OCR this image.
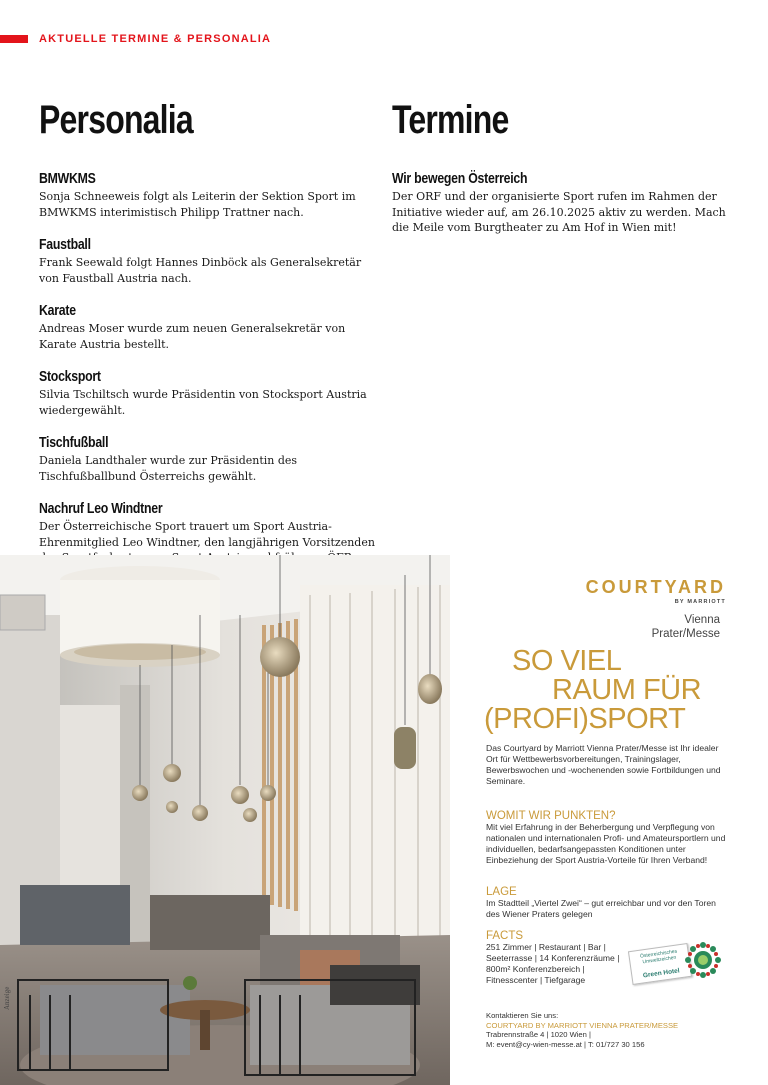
AKTUELLE TERMINE & PERSONALIA
Personalia	Termine
BMWKMS

Sonja Schneeweis folgt als Leiterin der Sektion Sport im BMWKMS interimistisch Philipp Trattner nach.

Faustball

Frank Seewald folgt Hannes Dinböck als Generalsekretär von Faustball Austria nach.

Karate

Andreas Moser wurde zum neuen Generalsekretär von Karate Austria bestellt.

Stocksport

Silvia Tschiltsch wurde Präsidentin von Stocksport Austria wiedergewählt.

Tischfußball

Daniela Landthaler wurde zur Präsidentin des Tischfußballbund Österreichs gewählt.

Nachruf Leo Windtner

Der Österreichische Sport trauert um Sport Austria-Ehrenmitglied Leo Windtner, den langjährigen Vorsitzenden

Wir bewegen Österreich

Der ORF und der organisierte Sport rufen im Rahmen der Initiative wieder auf, am 26.10.2025 aktiv zu werden. Mach die Meile vom Burgtheater zu Am Hof in Wien mit!

Anzeige
COURTYARD
BY MARRIOTT
Vienna
Prater/Messe
SO VIEL
RAUM FÜR
(PROFI)SPORT
Das Courtyard by Marriott Vienna Prater/Messe ist Ihr idealer Ort für Wettbewerbsvorbereitungen, Trainingslager, Bewerbswochen und -wochenenden sowie Fortbildungen und Seminare.
WOMIT WIR PUNKTEN?
Mit viel Erfahrung in der Beherbergung und Verpflegung von nationalen und internationalen Profi- und Amateursportlern und individuellen, bedarfsangepassten Konditionen unter Einbeziehung der Sport Austria-Vorteile für Ihren Verband!
LAGE
Im Stadtteil „Viertel Zwei“ – gut erreichbar und vor den Toren des Wiener Praters gelegen
FACTS
251 Zimmer | Restaurant | Bar | Seeterrasse | 14 Konferenzräume | 800m² Konferenzbereich | Fitnesscenter | Tiefgarage
Österreichisches Umweltzeichen
Green Hotel
Kontaktieren Sie uns:
COURTYARD BY MARRIOTT VIENNA PRATER/MESSE
Trabrennstraße 4 | 1020 Wien |
M: event@cy-wien-messe.at | T: 01/727 30 156
